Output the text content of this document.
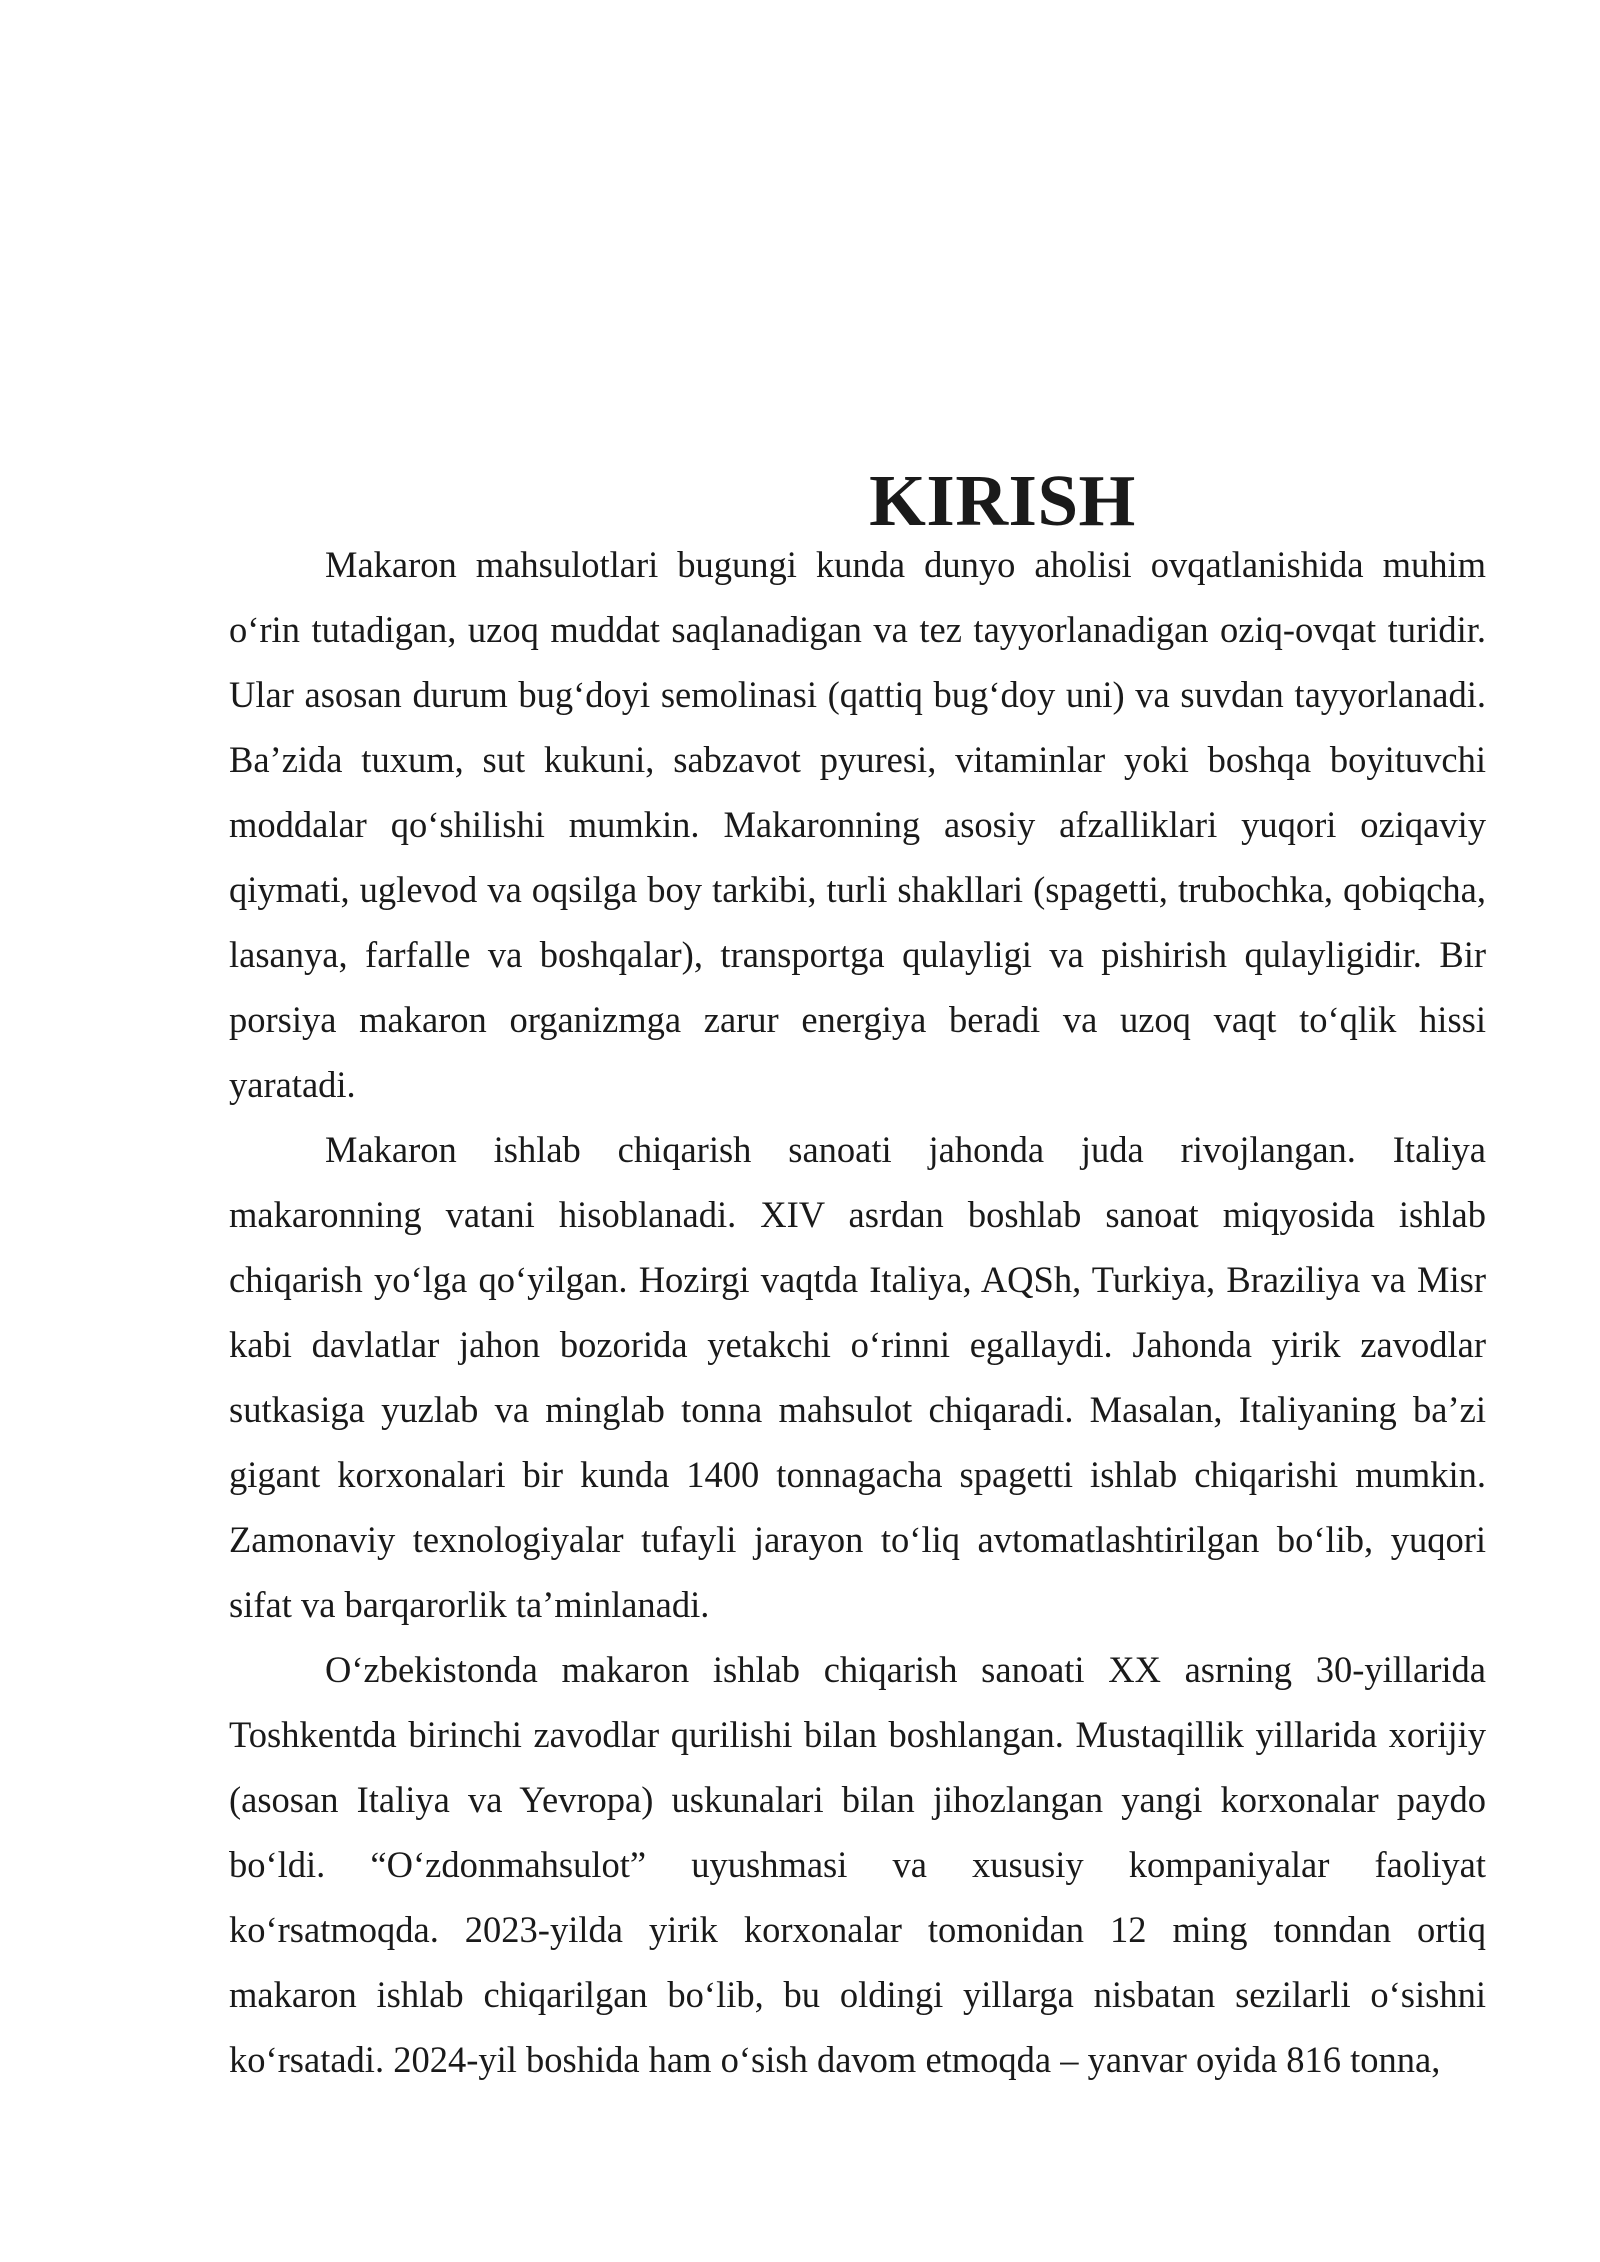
KIRISH

Makaron mahsulotlari bugungi kunda dunyo aholisi ovqatlanishida muhim o‘rin tutadigan, uzoq muddat saqlanadigan va tez tayyorlanadigan oziq-ovqat turidir. Ular asosan durum bug‘doyi semolinasi (qattiq bug‘doy uni) va suvdan tayyorlanadi. Ba’zida tuxum, sut kukuni, sabzavot pyuresi, vitaminlar yoki boshqa boyituvchi moddalar qo‘shilishi mumkin. Makaronning asosiy afzalliklari yuqori oziqaviy qiymati, uglevod va oqsilga boy tarkibi, turli shakllari (spagetti, trubochka, qobiqcha, lasanya, farfalle va boshqalar), transportga qulayligi va pishirish qulayligidir. Bir porsiya makaron organizmga zarur energiya beradi va uzoq vaqt to‘qlik hissi yaratadi.

Makaron ishlab chiqarish sanoati jahonda juda rivojlangan. Italiya makaronning vatani hisoblanadi. XIV asrdan boshlab sanoat miqyosida ishlab chiqarish yo‘lga qo‘yilgan. Hozirgi vaqtda Italiya, AQSh, Turkiya, Braziliya va Misr kabi davlatlar jahon bozorida yetakchi o‘rinni egallaydi. Jahonda yirik zavodlar sutkasiga yuzlab va minglab tonna mahsulot chiqaradi. Masalan, Italiyaning ba’zi gigant korxonalari bir kunda 1400 tonnagacha spagetti ishlab chiqarishi mumkin. Zamonaviy texnologiyalar tufayli jarayon to‘liq avtomatlashtirilgan bo‘lib, yuqori sifat va barqarorlik ta’minlanadi.

O‘zbekistonda makaron ishlab chiqarish sanoati XX asrning 30-yillarida Toshkentda birinchi zavodlar qurilishi bilan boshlangan. Mustaqillik yillarida xorijiy (asosan Italiya va Yevropa) uskunalari bilan jihozlangan yangi korxonalar paydo bo‘ldi. “O‘zdonmahsulot” uyushmasi va xususiy kompaniyalar faoliyat ko‘rsatmoqda. 2023-yilda yirik korxonalar tomonidan 12 ming tonndan ortiq makaron ishlab chiqarilgan bo‘lib, bu oldingi yillarga nisbatan sezilarli o‘sishni ko‘rsatadi. 2024-yil boshida ham o‘sish davom etmoqda – yanvar oyida 816 tonna,
